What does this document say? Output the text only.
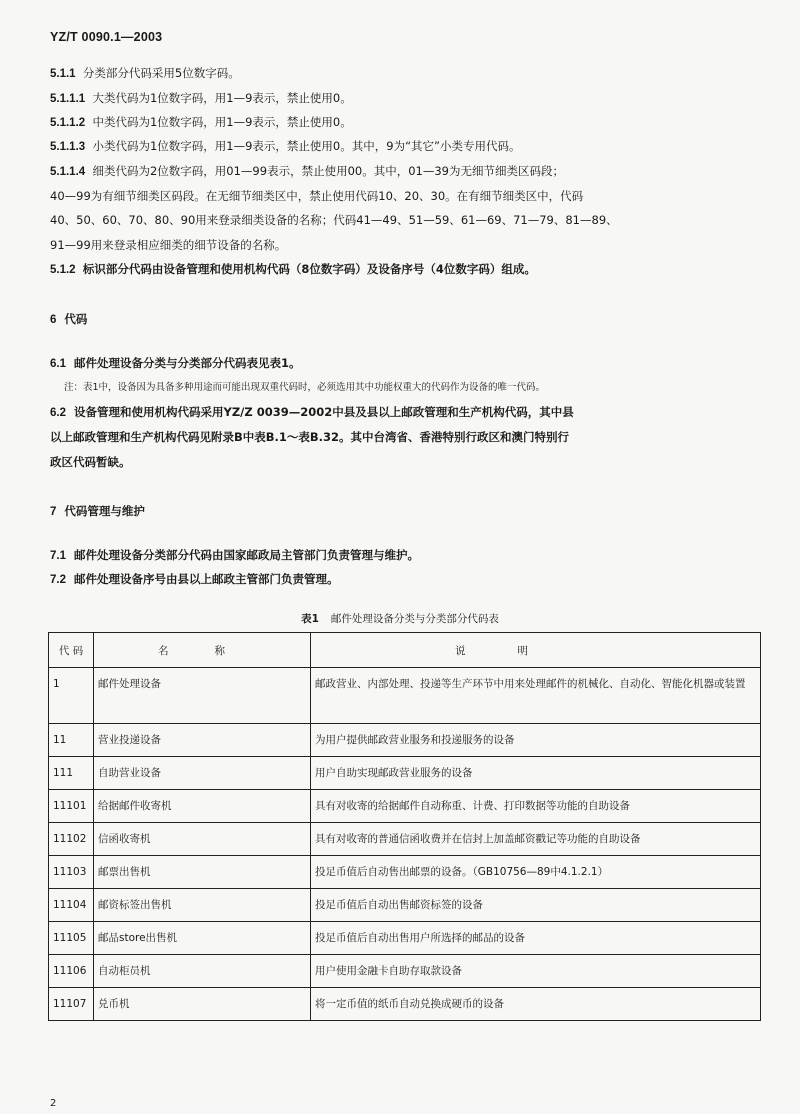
YZ/T 0090.1—2003
5.1.1 分类部分代码采用5位数字码。
5.1.1.1 大类代码为1位数字码，用1—9表示，禁止使用0。
5.1.1.2 中类代码为1位数字码，用1—9表示，禁止使用0。
5.1.1.3 小类代码为1位数字码，用1—9表示，禁止使用0。其中，9为“其它”小类专用代码。
5.1.1.4 细类代码为2位数字码，用01—99表示，禁止使用00。其中，01—39为无细节细类区码段；
40—99为有细节细类区码段。在无细节细类区中，禁止使用代码10、20、30。在有细节细类区中，代码
40、50、60、70、80、90用来登录细类设备的名称；代码41—49、51—59、61—69、71—79、81—89、
91—99用来登录相应细类的细节设备的名称。
5.1.2 标识部分代码由设备管理和使用机构代码（8位数字码）及设备序号（4位数字码）组成。
6 代码
6.1 邮件处理设备分类与分类部分代码表见表1。
注：表1中，设备因为具备多种用途而可能出现双重代码时，必须选用其中功能权重大的代码作为设备的唯一代码。
6.2 设备管理和使用机构代码采用YZ/Z 0039—2002中县及县以上邮政管理和生产机构代码，其中县
以上邮政管理和生产机构代码见附录B中表B.1～表B.32。其中台湾省、香港特别行政区和澳门特别行
政区代码暂缺。
7 代码管理与维护
7.1 邮件处理设备分类部分代码由国家邮政局主管部门负责管理与维护。
7.2 邮件处理设备序号由县以上邮政主管部门负责管理。
表1 邮件处理设备分类与分类部分代码表
代 码	名 称	说 明
1	邮件处理设备	邮政营业、内部处理、投递等生产环节中用来处理邮件的机械化、自动化、智能化机器或装置
11	营业投递设备	为用户提供邮政营业服务和投递服务的设备
111	自助营业设备	用户自助实现邮政营业服务的设备
11101	给据邮件收寄机	具有对收寄的给据邮件自动称重、计费、打印数据等功能的自助设备
11102	信函收寄机	具有对收寄的普通信函收费并在信封上加盖邮资戳记等功能的自助设备
11103	邮票出售机	投足币值后自动售出邮票的设备。（GB10756—89中4.1.2.1）
11104	邮资标签出售机	投足币值后自动出售邮资标签的设备
11105	邮品store出售机	投足币值后自动出售用户所选择的邮品的设备
11106	自动柜员机	用户使用金融卡自助存取款设备
11107	兑币机	将一定币值的纸币自动兑换成硬币的设备
2
